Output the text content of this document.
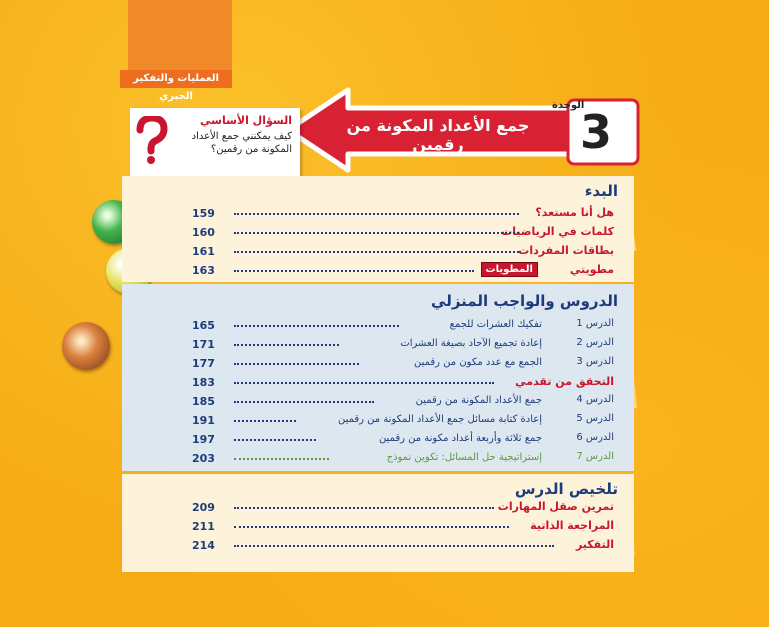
العمليات والتفكير الجبري
الوحدة
3
جمع الأعداد المكونة من رقمين
السؤال الأساسي
كيف يمكنني جمع الأعداد المكونة من رقمين؟
البدء
هل أنا مستعد؟
159
كلمات في الرياضيات
160
بطاقات المفردات
161
مطويتي
المطويات
163
الدروس والواجب المنزلي
الدرس 1
تفكيك العشرات للجمع
165
الدرس 2
إعادة تجميع الآحاد بصيغة العشرات
171
الدرس 3
الجمع مع عدد مكون من رقمين
177
التحقق من تقدمي
183
الدرس 4
جمع الأعداد المكونة من رقمين
185
الدرس 5
إعادة كتابة مسائل جمع الأعداد المكونة من رقمين
191
الدرس 6
جمع ثلاثة وأربعة أعداد مكونة من رقمين
197
الدرس 7
إستراتيجية حل المسائل: تكوين نموذج
203
تلخيص الدرس
تمرين صقل المهارات
209
المراجعة الذاتية
211
التفكير
214
